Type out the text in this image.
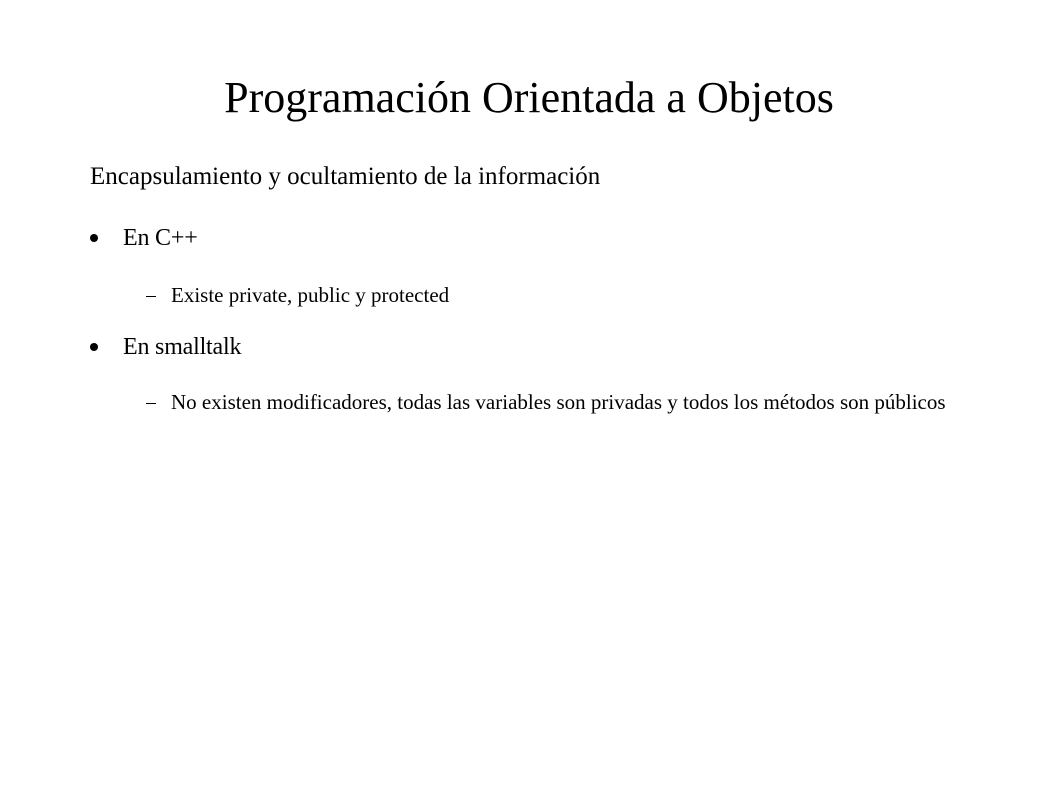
Programación Orientada a Objetos
Encapsulamiento y ocultamiento de la información
En C++
Existe private, public y protected
En smalltalk
No existen modificadores, todas las variables son privadas y todos los métodos son públicos
